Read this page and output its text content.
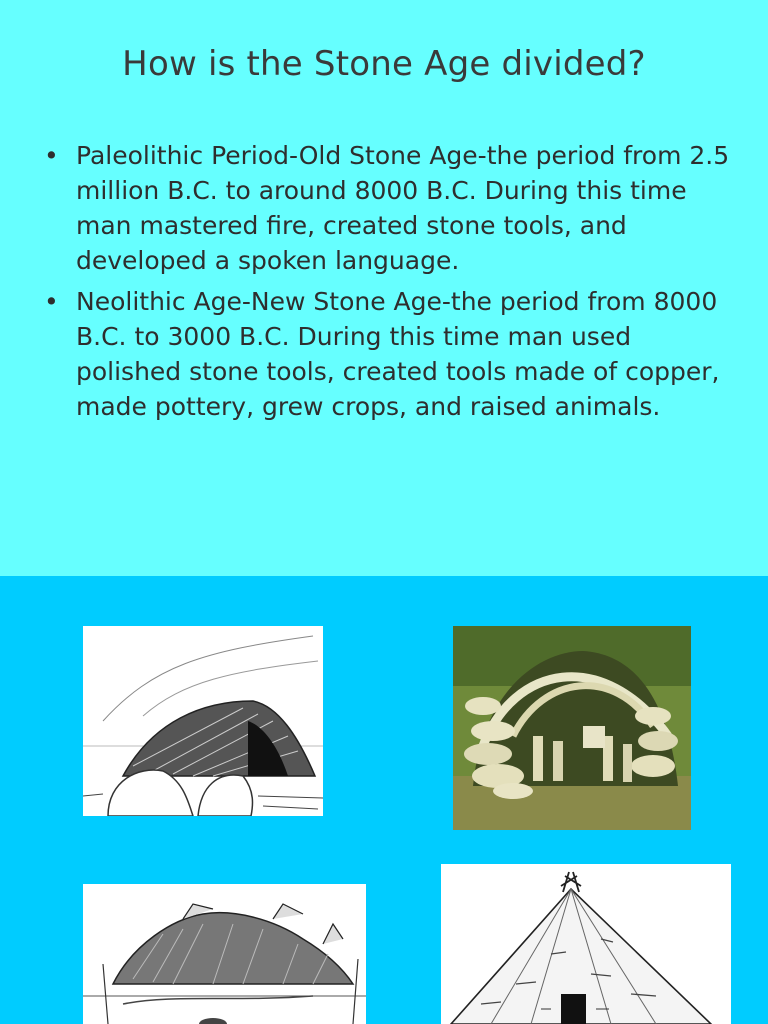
How is the Stone Age divided?
• Paleolithic Period-Old Stone Age-the period from 2.5 million B.C. to around 8000 B.C. During this time man mastered fire, created stone tools, and developed a spoken language.
• Neolithic Age-New Stone Age-the period from 8000 B.C. to 3000 B.C. During this time man used polished stone tools, created tools made of copper, made pottery, grew crops, and raised animals.
